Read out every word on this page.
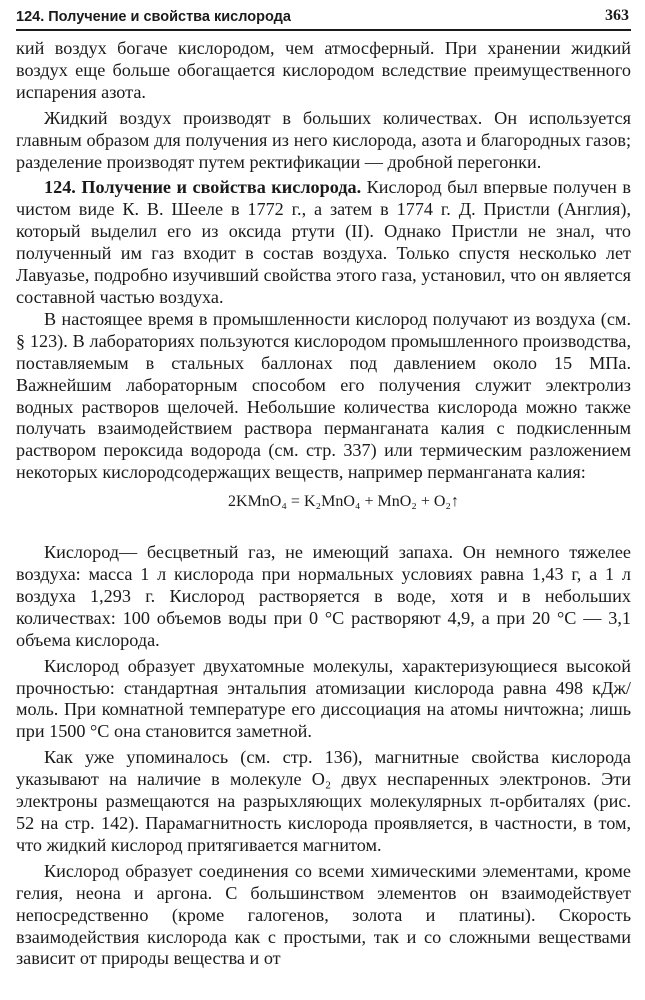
124. Получение и свойства кислорода	363

кий воздух богаче кислородом, чем атмосферный. При хранении жидкий воздух еще больше обогащается кислородом вследствие преимущественного испарения азота.

Жидкий воздух производят в больших количествах. Он используется главным образом для получения из него кислорода, азота и благородных газов; разделение производят путем ректификации — дробной перегонки.

124. Получение и свойства кислорода. Кислород был впервые получен в чистом виде К. В. Шееле в 1772 г., а затем в 1774 г. Д. Пристли (Англия), который выделил его из оксида ртути (II). Однако Пристли не знал, что полученный им газ входит в состав воздуха. Только спустя несколько лет Лавуазье, подробно изучивший свойства этого газа, установил, что он является составной частью воздуха.

В настоящее время в промышленности кислород получают из воздуха (см. § 123). В лабораториях пользуются кислородом промышленного производства, поставляемым в стальных баллонах под давлением около 15 МПа. Важнейшим лабораторным способом его получения служит электролиз водных растворов щелочей. Небольшие количества кислорода можно также получать взаимодействием раствора перманганата калия с подкисленным раствором пероксида водорода (см. стр. 337) или термическим разложением некоторых кислородсодержащих веществ, например перманганата калия:

2KMnO₄ = K₂MnO₄ + MnO₂ + O₂↑

Кислород— бесцветный газ, не имеющий запаха. Он немного тяжелее воздуха: масса 1 л кислорода при нормальных условиях равна 1,43 г, а 1 л воздуха 1,293 г. Кислород растворяется в воде, хотя и в небольших количествах: 100 объемов воды при 0 °С растворяют 4,9, а при 20 °С — 3,1 объема кислорода.

Кислород образует двухатомные молекулы, характеризующиеся высокой прочностью: стандартная энтальпия атомизации кислорода равна 498 кДж/моль. При комнатной температуре его диссоциация на атомы ничтожна; лишь при 1500 °С она становится заметной.

Как уже упоминалось (см. стр. 136), магнитные свойства кислорода указывают на наличие в молекуле O₂ двух неспаренных электронов. Эти электроны размещаются на разрыхляющих молекулярных π-орбиталях (рис. 52 на стр. 142). Парамагнитность кислорода проявляется, в частности, в том, что жидкий кислород притягивается магнитом.

Кислород образует соединения со всеми химическими элементами, кроме гелия, неона и аргона. С большинством элементов он взаимодействует непосредственно (кроме галогенов, золота и платины). Скорость взаимодействия кислорода как с простыми, так и со сложными веществами зависит от природы вещества и от
